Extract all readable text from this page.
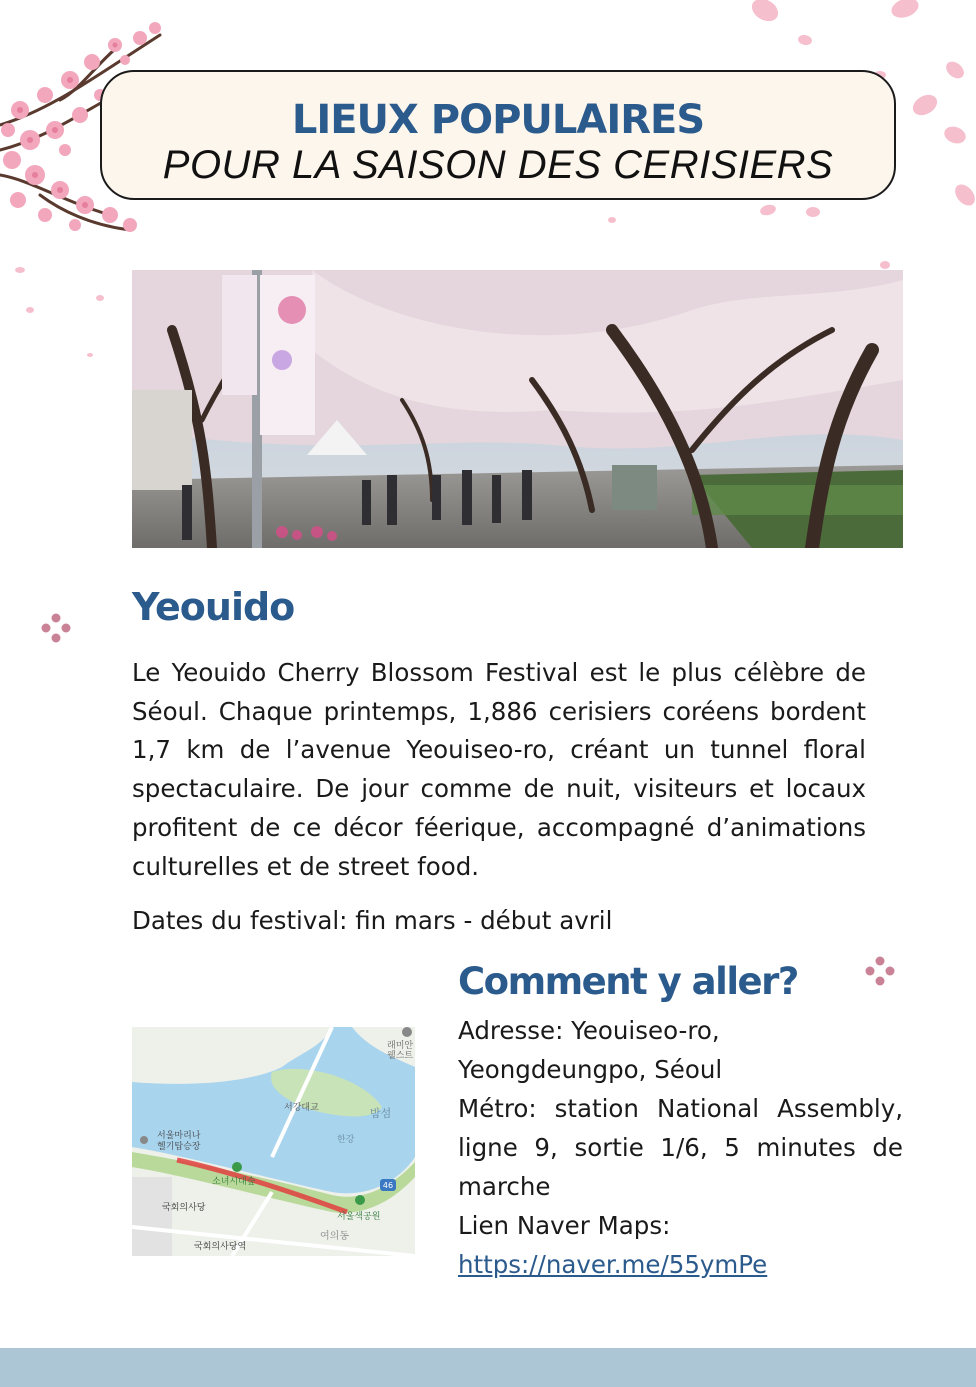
LIEUX POPULAIRES
POUR LA SAISON DES CERISIERS
Yeouido

Le Yeouido Cherry Blossom Festival est le plus célèbre de Séoul. Chaque printemps, 1,886 cerisiers coréens bordent 1,7 km de l’avenue Yeouiseo-ro, créant un tunnel floral spectaculaire. De jour comme de nuit, visiteurs et locaux profitent de ce décor féerique, accompagné d’animations culturelles et de street food.

Dates du festival: fin mars - début avril

46
래미안
웰스트
서강대교	밤섬
한강
서울마리나
헬기탑승장
소녀시대숲
국회의사당
서울색공원
여의동
국회의사당역
Comment y aller?
Adresse: Yeouiseo-ro,
Yeongdeungpo, Séoul
Métro: station National Assembly, ligne 9, sortie 1/6, 5 minutes de marche
Lien Naver Maps:
https://naver.me/55ymPe
